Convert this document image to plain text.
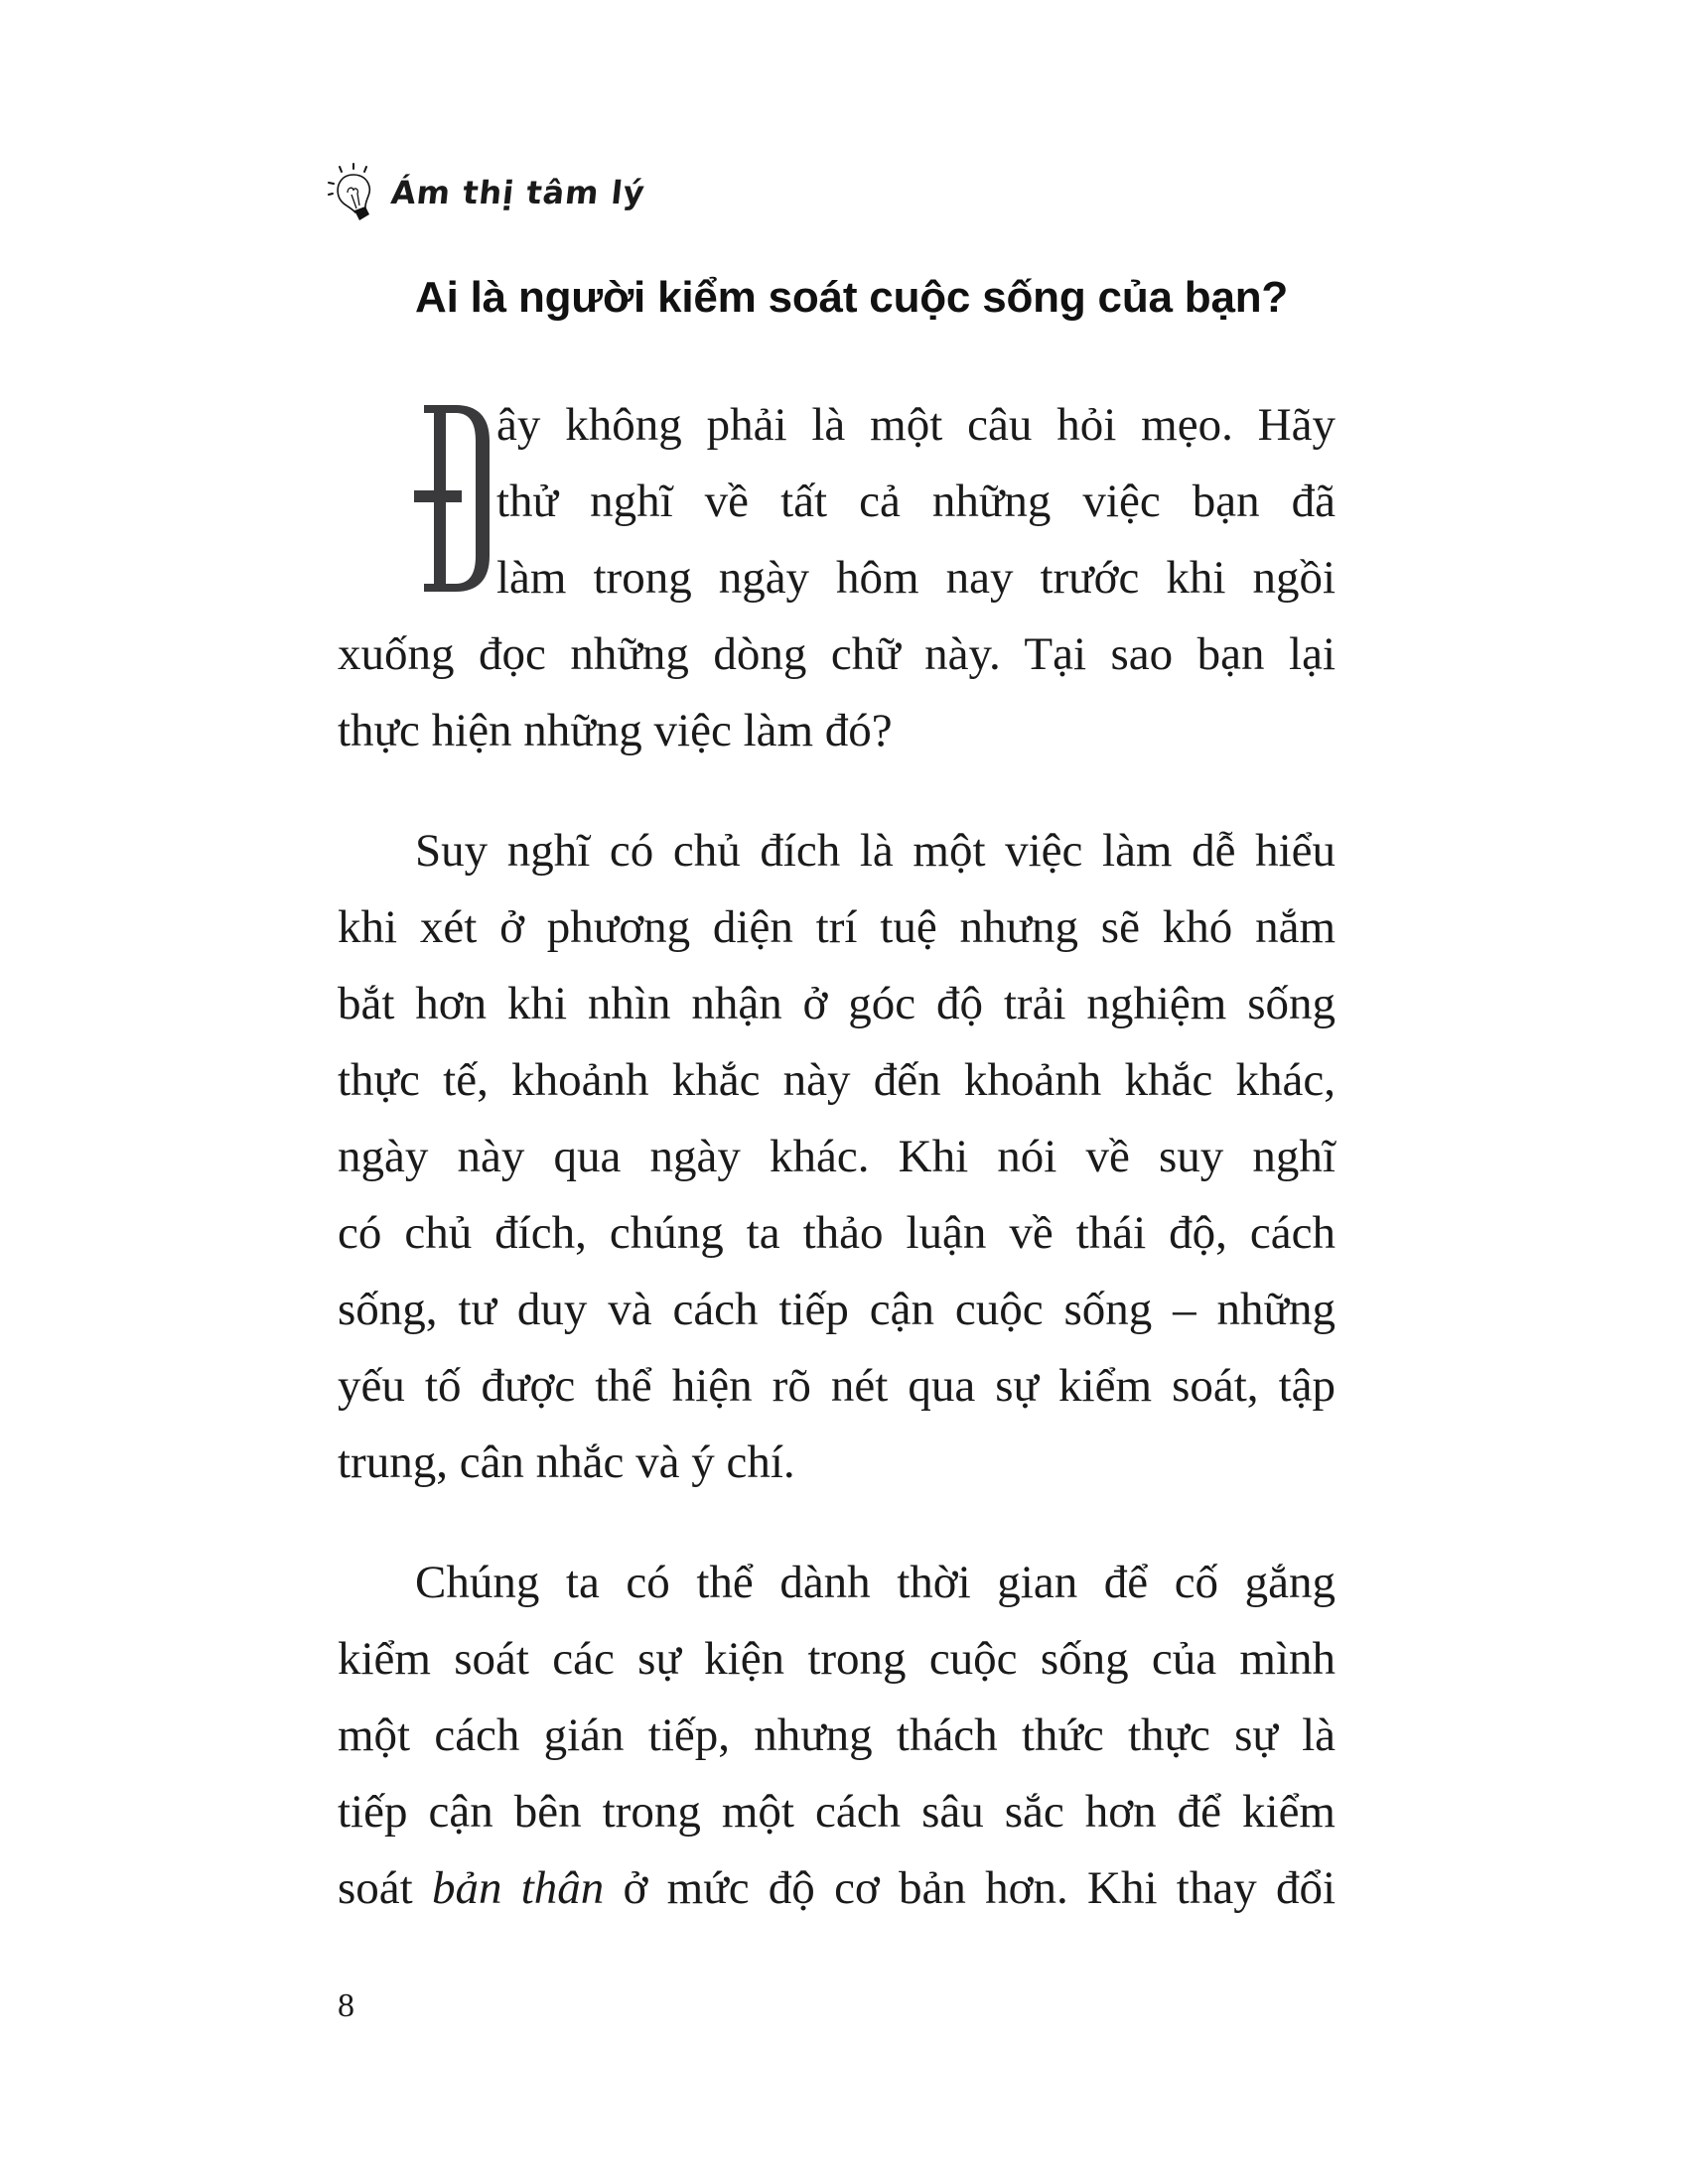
Ám thị tâm lý
Ai là người kiểm soát cuộc sống của bạn?
ây không phải là một câu hỏi mẹo. Hãy
thử nghĩ về tất cả những việc bạn đã
làm trong ngày hôm nay trước khi ngồi
xuống đọc những dòng chữ này. Tại sao bạn lại
thực hiện những việc làm đó?
Suy nghĩ có chủ đích là một việc làm dễ hiểu
khi xét ở phương diện trí tuệ nhưng sẽ khó nắm
bắt hơn khi nhìn nhận ở góc độ trải nghiệm sống
thực tế, khoảnh khắc này đến khoảnh khắc khác,
ngày này qua ngày khác. Khi nói về suy nghĩ
có chủ đích, chúng ta thảo luận về thái độ, cách
sống, tư duy và cách tiếp cận cuộc sống – những
yếu tố được thể hiện rõ nét qua sự kiểm soát, tập
trung, cân nhắc và ý chí.
Chúng ta có thể dành thời gian để cố gắng
kiểm soát các sự kiện trong cuộc sống của mình
một cách gián tiếp, nhưng thách thức thực sự là
tiếp cận bên trong một cách sâu sắc hơn để kiểm
soát bản thân ở mức độ cơ bản hơn. Khi thay đổi
8
